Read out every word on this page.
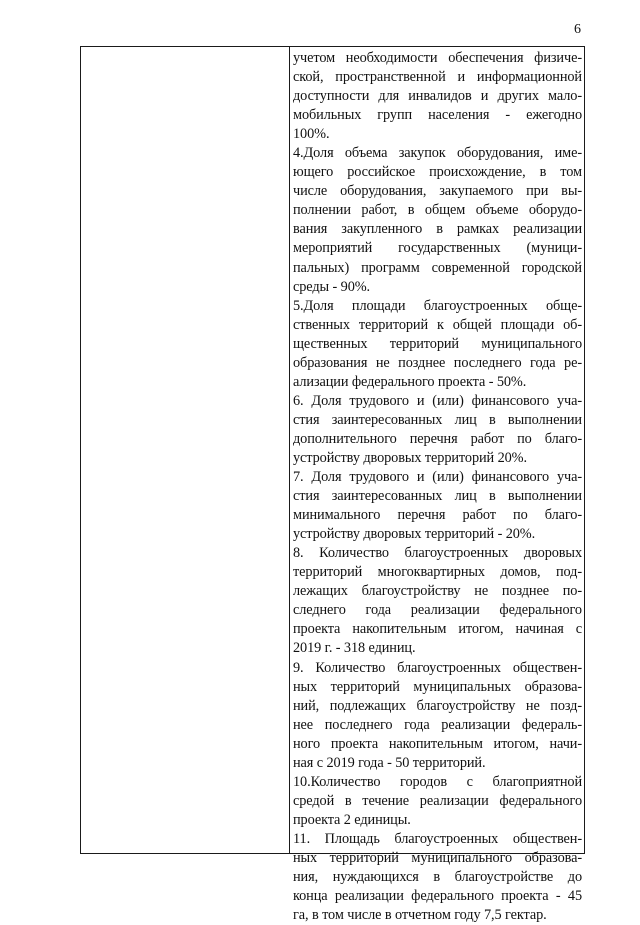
6
учетом необходимости обеспечения физиче-
ской, пространственной и информационной
доступности для инвалидов и других мало-
мобильных групп населения - ежегодно
100%.
4.Доля объема закупок оборудования, име-
ющего российское происхождение, в том
числе оборудования, закупаемого при вы-
полнении работ, в общем объеме оборудо-
вания закупленного в рамках реализации
мероприятий государственных (муници-
пальных) программ современной городской
среды - 90%.
5.Доля площади благоустроенных обще-
ственных территорий к общей площади об-
щественных территорий муниципального
образования не позднее последнего года ре-
ализации федерального проекта - 50%.
6. Доля трудового и (или) финансового уча-
стия заинтересованных лиц в выполнении
дополнительного перечня работ по благо-
устройству дворовых территорий 20%.
7. Доля трудового и (или) финансового уча-
стия заинтересованных лиц в выполнении
минимального перечня работ по благо-
устройству дворовых территорий - 20%.
8. Количество благоустроенных дворовых
территорий многоквартирных домов, под-
лежащих благоустройству не позднее по-
следнего года реализации федерального
проекта накопительным итогом, начиная с
2019 г. - 318 единиц.
9. Количество благоустроенных обществен-
ных территорий муниципальных образова-
ний, подлежащих благоустройству не позд-
нее последнего года реализации федераль-
ного проекта накопительным итогом, начи-
ная с 2019 года - 50 территорий.
10.Количество городов с благоприятной
средой в течение реализации федерального
проекта 2 единицы.
11. Площадь благоустроенных обществен-
ных территорий муниципального образова-
ния, нуждающихся в благоустройстве до
конца реализации федерального проекта - 45
га, в том числе в отчетном году 7,5 гектар.
